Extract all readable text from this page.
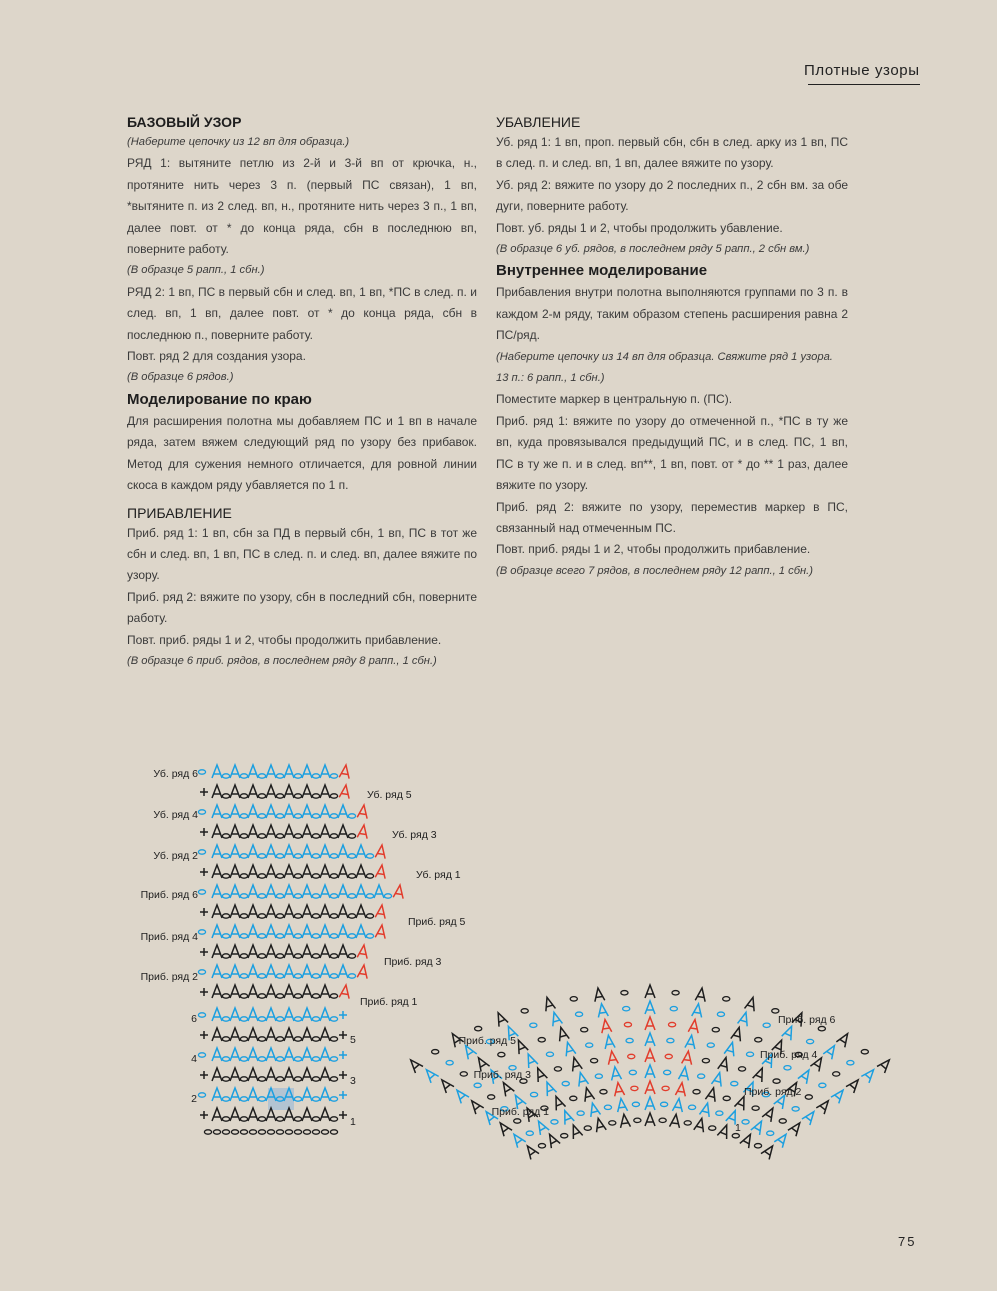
Плотные узоры

БАЗОВЫЙ УЗОР

(Наберите цепочку из 12 вп для образца.)

РЯД 1: вытяните петлю из 2-й и 3-й вп от крючка, н., протяните нить через 3 п. (первый ПС связан), 1 вп, *вытяните п. из 2 след. вп, н., протяните нить через 3 п., 1 вп, далее повт. от * до конца ряда, сбн в последнюю вп, поверните работу.

(В образце 5 рапп., 1 сбн.)

РЯД 2: 1 вп, ПС в первый сбн и след. вп, 1 вп, *ПС в след. п. и след. вп, 1 вп, далее повт. от * до конца ряда, сбн в последнюю п., поверните работу.

Повт. ряд 2 для создания узора.

(В образце 6 рядов.)

Моделирование по краю

Для расширения полотна мы добавляем ПС и 1 вп в начале ряда, затем вяжем следующий ряд по узору без прибавок. Метод для сужения немного отличается, для ровной линии скоса в каждом ряду убавляется по 1 п.

ПРИБАВЛЕНИЕ

Приб. ряд 1: 1 вп, сбн за ПД в первый сбн, 1 вп, ПС в тот же сбн и след. вп, 1 вп, ПС в след. п. и след. вп, далее вяжите по узору.

Приб. ряд 2: вяжите по узору, сбн в последний сбн, поверните работу.

Повт. приб. ряды 1 и 2, чтобы продолжить прибавление.

(В образце 6 приб. рядов, в последнем ряду 8 рапп., 1 сбн.)

УБАВЛЕНИЕ

Уб. ряд 1: 1 вп, проп. первый сбн, сбн в след. арку из 1 вп, ПС в след. п. и след. вп, 1 вп, далее вяжите по узору.

Уб. ряд 2: вяжите по узору до 2 последних п., 2 сбн вм. за обе дуги, поверните работу.

Повт. уб. ряды 1 и 2, чтобы продолжить убавление.

(В образце 6 уб. рядов, в последнем ряду 5 рапп., 2 сбн вм.)

Внутреннее моделирование

Прибавления внутри полотна выполняются группами по 3 п. в каждом 2-м ряду, таким образом степень расширения равна 2 ПС/ряд.

(Наберите цепочку из 14 вп для образца. Свяжите ряд 1 узора. 13 п.: 6 рапп., 1 сбн.)

Поместите маркер в центральную п. (ПС).

Приб. ряд 1: вяжите по узору до отмеченной п., *ПС в ту же вп, куда провязывался предыдущий ПС, и в след. ПС, 1 вп, ПС в ту же п. и в след. вп**, 1 вп, повт. от * до ** 1 раз, далее вяжите по узору.

Приб. ряд 2: вяжите по узору, переместив маркер в ПС, связанный над отмеченным ПС.

Повт. приб. ряды 1 и 2, чтобы продолжить прибавление.

(В образце всего 7 рядов, в последнем ряду 12 рапп., 1 сбн.)

Уб. ряд 6
Уб. ряд 4
Уб. ряд 2
Приб. ряд 6
Приб. ряд 4
Приб. ряд 2
6
4
2
Уб. ряд 5
Уб. ряд 3
Уб. ряд 1
Приб. ряд 5
Приб. ряд 3
Приб. ряд 1
5
3
1
Приб. ряд 5
Приб. ряд 3
Приб. ряд 1
Приб. ряд 6
Приб. ряд 4
Приб. ряд 2
1
75
